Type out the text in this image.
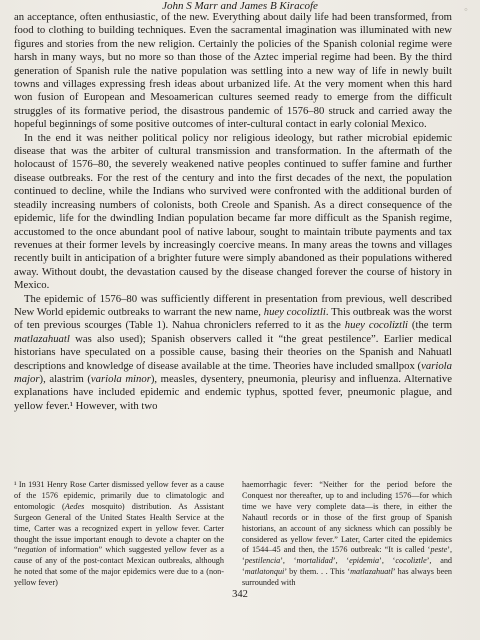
John S Marr and James B Kiracofe	◦

an acceptance, often enthusiastic, of the new. Everything about daily life had been transformed, from food to clothing to building techniques. Even the sacramental imagination was illuminated with new figures and stories from the new religion. Certainly the policies of the Spanish colonial regime were harsh in many ways, but no more so than those of the Aztec imperial regime had been. By the third generation of Spanish rule the native population was settling into a new way of life in newly built towns and villages expressing fresh ideas about urbanized life. At the very moment when this hard won fusion of European and Mesoamerican cultures seemed ready to emerge from the difficult struggles of its formative period, the disastrous pandemic of 1576–80 struck and carried away the hopeful beginnings of some positive outcomes of inter-cultural contact in early colonial Mexico.

In the end it was neither political policy nor religious ideology, but rather microbial epidemic disease that was the arbiter of cultural transmission and transformation. In the aftermath of the holocaust of 1576–80, the severely weakened native peoples continued to suffer famine and further disease outbreaks. For the rest of the century and into the first decades of the next, the population continued to decline, while the Indians who survived were confronted with the additional burden of steadily increasing numbers of colonists, both Creole and Spanish. As a direct consequence of the epidemic, life for the dwindling Indian population became far more difficult as the Spanish regime, accustomed to the once abundant pool of native labour, sought to maintain tribute payments and tax revenues at their former levels by increasingly coercive means. In many areas the towns and villages recently built in anticipation of a brighter future were simply abandoned as their populations withered away. Without doubt, the devastation caused by the disease changed forever the course of history in Mexico.

The epidemic of 1576–80 was sufficiently different in presentation from previous, well described New World epidemic outbreaks to warrant the new name, huey cocoliztli. This outbreak was the worst of ten previous scourges (Table 1). Nahua chroniclers referred to it as the huey cocoliztli (the term matlazahuatl was also used); Spanish observers called it “the great pestilence”. Earlier medical historians have speculated on a possible cause, basing their theories on the Spanish and Nahuatl descriptions and knowledge of disease available at the time. Theories have included smallpox (variola major), alastrim (variola minor), measles, dysentery, pneumonia, pleurisy and influenza. Alternative explanations have included epidemic and endemic typhus, spotted fever, pneumonic plague, and yellow fever.¹ However, with two

¹ In 1931 Henry Rose Carter dismissed yellow fever as a cause of the 1576 epidemic, primarily due to climatologic and entomologic (Aedes mosquito) distribution. As Assistant Surgeon General of the United States Health Service at the time, Carter was a recognized expert in yellow fever. Carter thought the issue important enough to devote a chapter on the “negation of information” which suggested yellow fever as a cause of any of the post-contact Mexican outbreaks, although he noted that some of the major epidemics were due to a (non-yellow fever)

haemorrhagic fever: “Neither for the period before the Conquest nor thereafter, up to and including 1576—for which time we have very complete data—is there, in either the Nahautl records or in those of the first group of Spanish historians, an account of any sickness which can possibly be considered as yellow fever.” Later, Carter cited the epidemics of 1544–45 and then, the 1576 outbreak: “It is called ‘peste’, ‘pestilencia’, ‘mortalidad’, ‘epidemia’, ‘cocoliztle’, and ‘matlatonqui’ by them. . . This ‘matlazahuatl’ has always been surrounded with

342
